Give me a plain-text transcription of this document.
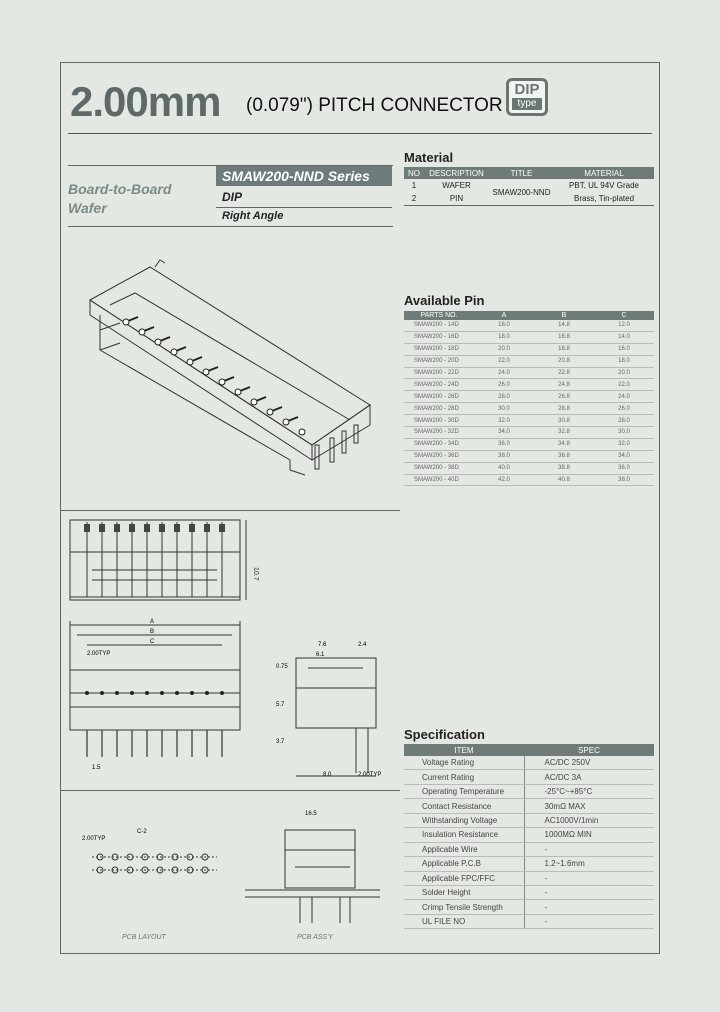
2.00mm (0.079") PITCH CONNECTOR
DIP
type
Board-to-Board
Wafer
SMAW200-NND Series
DIP
Right Angle
Material
NO	DESCRIPTION	TITLE	MATERIAL
1	WAFER	SMAW200-NND	PBT, UL 94V Grade
2	PIN		Brass, Tin-plated
Available Pin
PARTS NO.	A	B	C
SMAW200 - 14D	18.0	14.8	12.0
SMAW200 - 16D	18.0	16.8	14.0
SMAW200 - 18D	20.0	18.8	16.0
SMAW200 - 20D	22.0	20.8	18.0
SMAW200 - 22D	24.0	22.8	20.0
SMAW200 - 24D	26.0	24.8	22.0
SMAW200 - 26D	28.0	26.8	24.0
SMAW200 - 28D	30.0	28.8	26.0
SMAW200 - 30D	32.0	30.8	28.0
SMAW200 - 32D	34.0	32.8	30.0
SMAW200 - 34D	36.0	34.8	32.0
SMAW200 - 36D	38.0	36.8	34.0
SMAW200 - 38D	40.0	38.8	36.0
SMAW200 - 40D	42.0	40.8	38.0
10.7
A
B
C
2.00TYP
1.5
7.6	2.4
6.1
0.75
5.7
3.7
8.0	2.00TYP
2.00TYP
C-2
PCB LAYOUT
16.5
PCB ASS'Y
Specification
ITEM	SPEC
Voltage Rating	AC/DC 250V
Current Rating	AC/DC 3A
Operating Temperature	-25°C~+85°C
Contact Resistance	30mΩ MAX
Withstanding Voltage	AC1000V/1min
Insulation Resistance	1000MΩ MIN
Applicable Wire	-
Applicable P.C.B	1.2~1.6mm
Applicable FPC/FFC	-
Solder Height	-
Crimp Tensile Strength	-
UL FILE NO	-
